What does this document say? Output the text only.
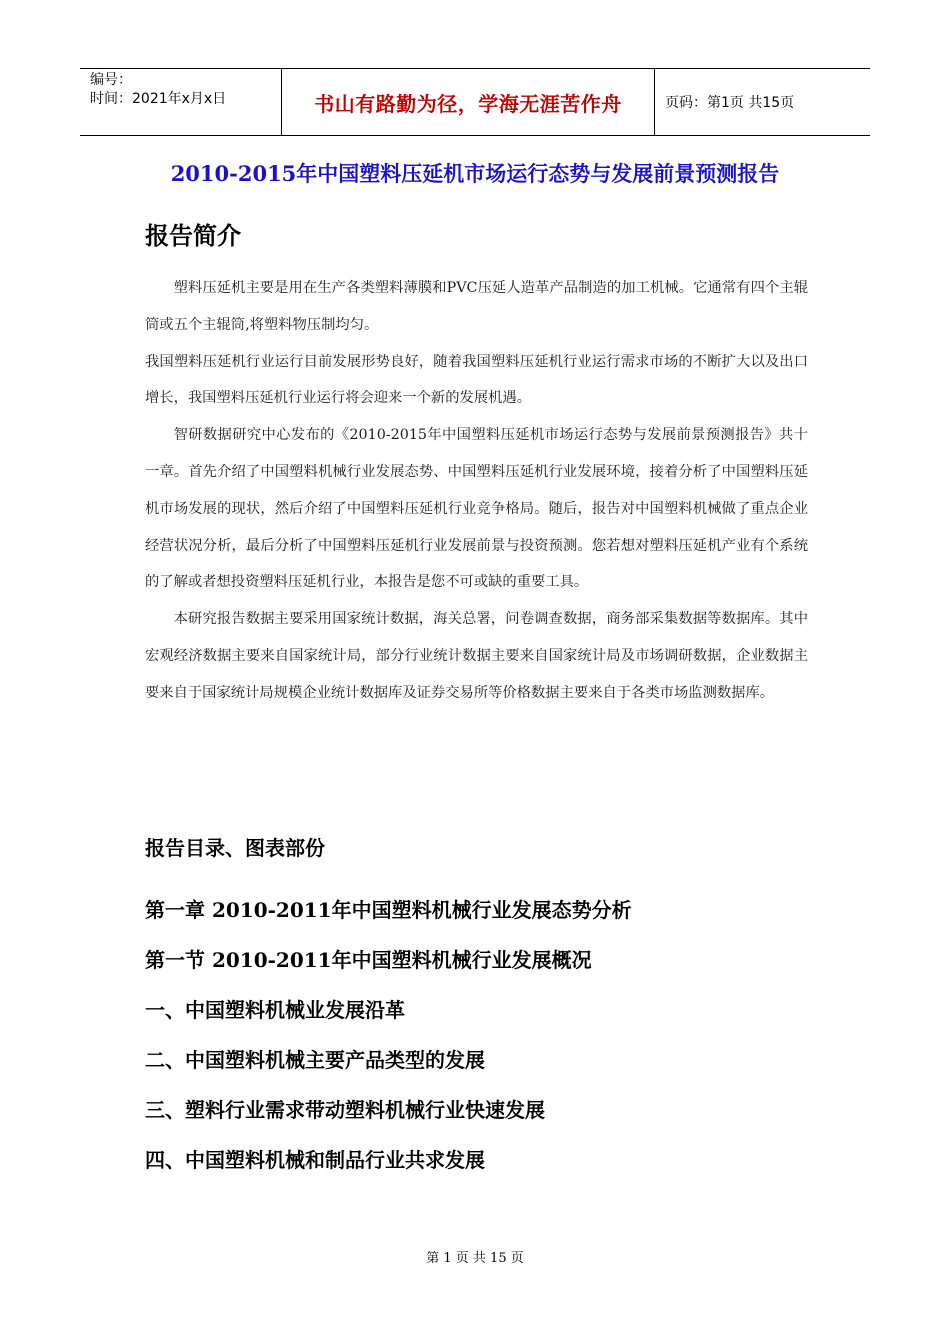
编号：
时间：2021年x月x日	书山有路勤为径，学海无涯苦作舟	页码：第1页 共15页
2010-2015年中国塑料压延机市场运行态势与发展前景预测报告
报告简介

塑料压延机主要是用在生产各类塑料薄膜和PVC压延人造革产品制造的加工机械。它通常有四个主辊筒或五个主辊筒,将塑料物压制均匀。

我国塑料压延机行业运行目前发展形势良好，随着我国塑料压延机行业运行需求市场的不断扩大以及出口增长，我国塑料压延机行业运行将会迎来一个新的发展机遇。

智研数据研究中心发布的《2010-2015年中国塑料压延机市场运行态势与发展前景预测报告》共十一章。首先介绍了中国塑料机械行业发展态势、中国塑料压延机行业发展环境，接着分析了中国塑料压延机市场发展的现状，然后介绍了中国塑料压延机行业竞争格局。随后，报告对中国塑料机械做了重点企业经营状况分析，最后分析了中国塑料压延机行业发展前景与投资预测。您若想对塑料压延机产业有个系统的了解或者想投资塑料压延机行业，本报告是您不可或缺的重要工具。

本研究报告数据主要采用国家统计数据，海关总署，问卷调查数据，商务部采集数据等数据库。其中宏观经济数据主要来自国家统计局，部分行业统计数据主要来自国家统计局及市场调研数据，企业数据主要来自于国家统计局规模企业统计数据库及证券交易所等价格数据主要来自于各类市场监测数据库。

报告目录、图表部份
第一章 2010-2011年中国塑料机械行业发展态势分析
第一节 2010-2011年中国塑料机械行业发展概况
一、中国塑料机械业发展沿革
二、中国塑料机械主要产品类型的发展
三、塑料行业需求带动塑料机械行业快速发展
四、中国塑料机械和制品行业共求发展
第 1 页 共 15 页
